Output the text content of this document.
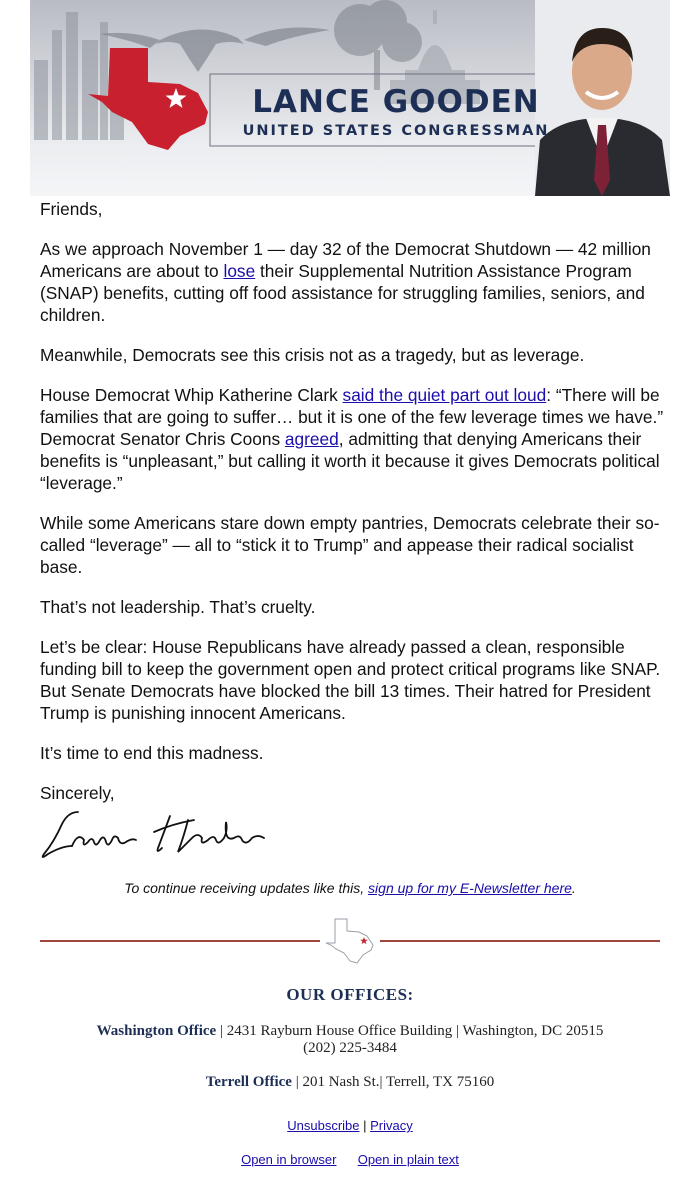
LANCE GOODEN
UNITED STATES CONGRESSMAN

Friends,

As we approach November 1 — day 32 of the Democrat Shutdown — 42 million Americans are about to lose their Supplemental Nutrition Assistance Program (SNAP) benefits, cutting off food assistance for struggling families, seniors, and children.

Meanwhile, Democrats see this crisis not as a tragedy, but as leverage.

House Democrat Whip Katherine Clark said the quiet part out loud: “There will be families that are going to suffer… but it is one of the few leverage times we have.” Democrat Senator Chris Coons agreed, admitting that denying Americans their benefits is “unpleasant,” but calling it worth it because it gives Democrats political “leverage.”

While some Americans stare down empty pantries, Democrats celebrate their so-called “leverage” — all to “stick it to Trump” and appease their radical socialist base.

That’s not leadership. That’s cruelty.

Let’s be clear: House Republicans have already passed a clean, responsible funding bill to keep the government open and protect critical programs like SNAP. But Senate Democrats have blocked the bill 13 times. Their hatred for President Trump is punishing innocent Americans.

It’s time to end this madness.

Sincerely,

To continue receiving updates like this, sign up for my E-Newsletter here.
OUR OFFICES:
Washington Office | 2431 Rayburn House Office Building | Washington, DC 20515
(202) 225-3484
Terrell Office | 201 Nash St.| Terrell, TX 75160
Unsubscribe | Privacy
Open in browser Open in plain text
